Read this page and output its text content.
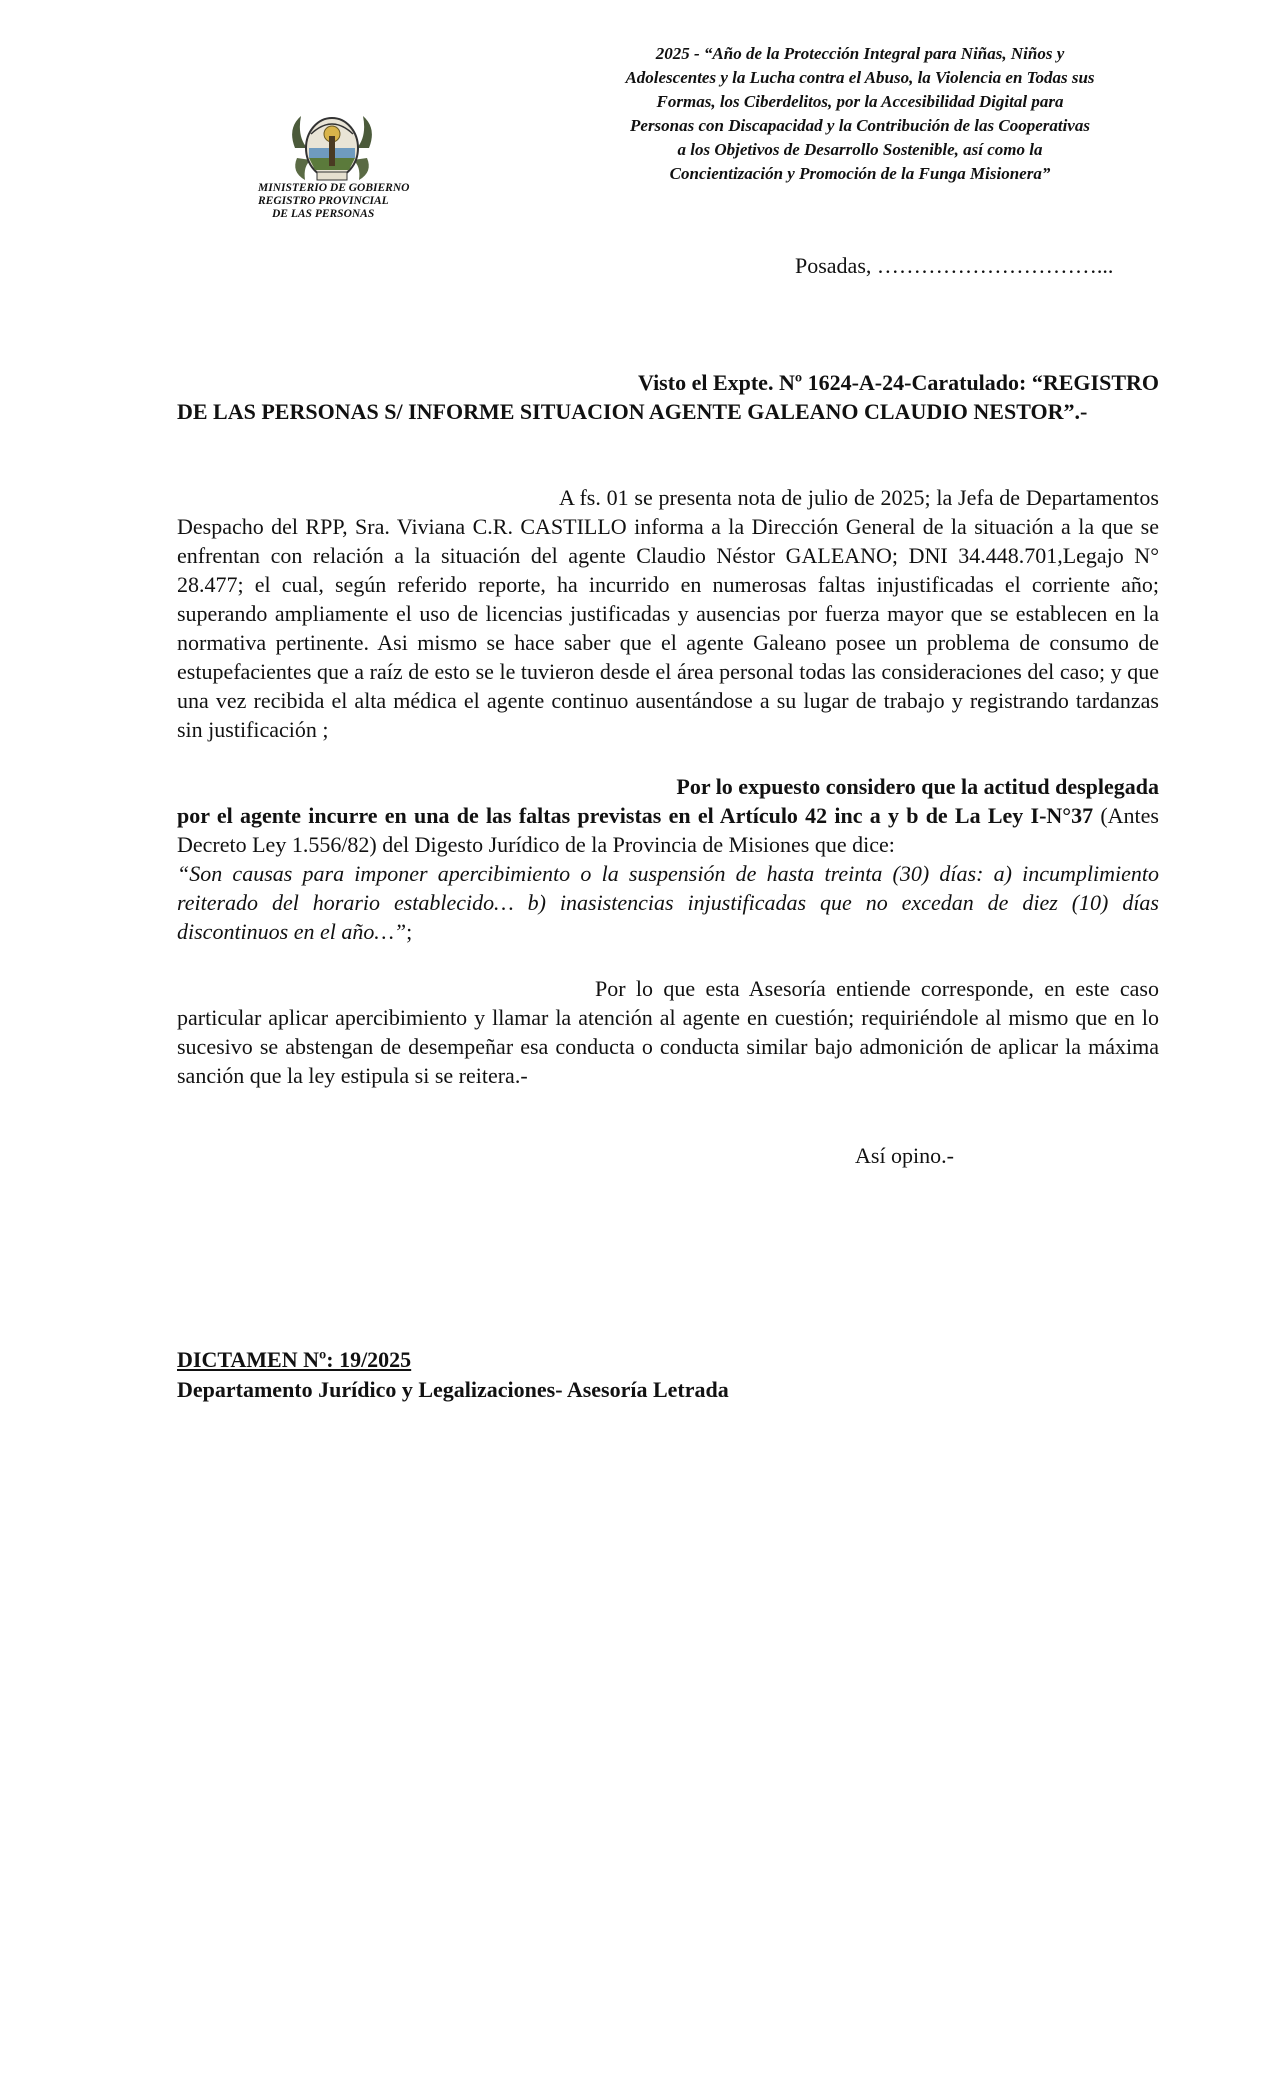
MINISTERIO DE GOBIERNO
REGISTRO PROVINCIAL
DE LAS PERSONAS
2025 - “Año de la Protección Integral para Niñas, Niños y
Adolescentes y la Lucha contra el Abuso, la Violencia en Todas sus
Formas, los Ciberdelitos, por la Accesibilidad Digital para
Personas con Discapacidad y la Contribución de las Cooperativas
a los Objetivos de Desarrollo Sostenible, así como la
Concientización y Promoción de la Funga Misionera”
Posadas, …………………………...
Visto el Expte. Nº 1624-A-24-Caratulado: “REGISTRO
DE LAS PERSONAS S/ INFORME SITUACION AGENTE GALEANO CLAUDIO NESTOR”.-
A fs. 01 se presenta nota de julio de 2025; la Jefa de Departamentos Despacho del RPP, Sra. Viviana C.R. CASTILLO informa a la Dirección General de la situación a la que se enfrentan con relación a la situación del agente Claudio Néstor GALEANO; DNI 34.448.701,Legajo N° 28.477; el cual, según referido reporte, ha incurrido en numerosas faltas injustificadas el corriente año; superando ampliamente el uso de licencias justificadas y ausencias por fuerza mayor que se establecen en la normativa pertinente. Asi mismo se hace saber que el agente Galeano posee un problema de consumo de estupefacientes que a raíz de esto se le tuvieron desde el área personal todas las consideraciones del caso; y que una vez recibida el alta médica el agente continuo ausentándose a su lugar de trabajo y registrando tardanzas sin justificación ;
Por lo expuesto considero que la actitud desplegada
por el agente incurre en una de las faltas previstas en el Artículo 42 inc a y b de La Ley I-N°37 (Antes Decreto Ley 1.556/82) del Digesto Jurídico de la Provincia de Misiones que dice:
“Son causas para imponer apercibimiento o la suspensión de hasta treinta (30) días: a) incumplimiento reiterado del horario establecido… b) inasistencias injustificadas que no excedan de diez (10) días discontinuos en el año…”;
Por lo que esta Asesoría entiende corresponde, en este caso particular aplicar apercibimiento y llamar la atención al agente en cuestión; requiriéndole al mismo que en lo sucesivo se abstengan de desempeñar esa conducta o conducta similar bajo admonición de aplicar la máxima sanción que la ley estipula si se reitera.-
Así opino.-
DICTAMEN Nº: 19/2025
Departamento Jurídico y Legalizaciones- Asesoría Letrada
